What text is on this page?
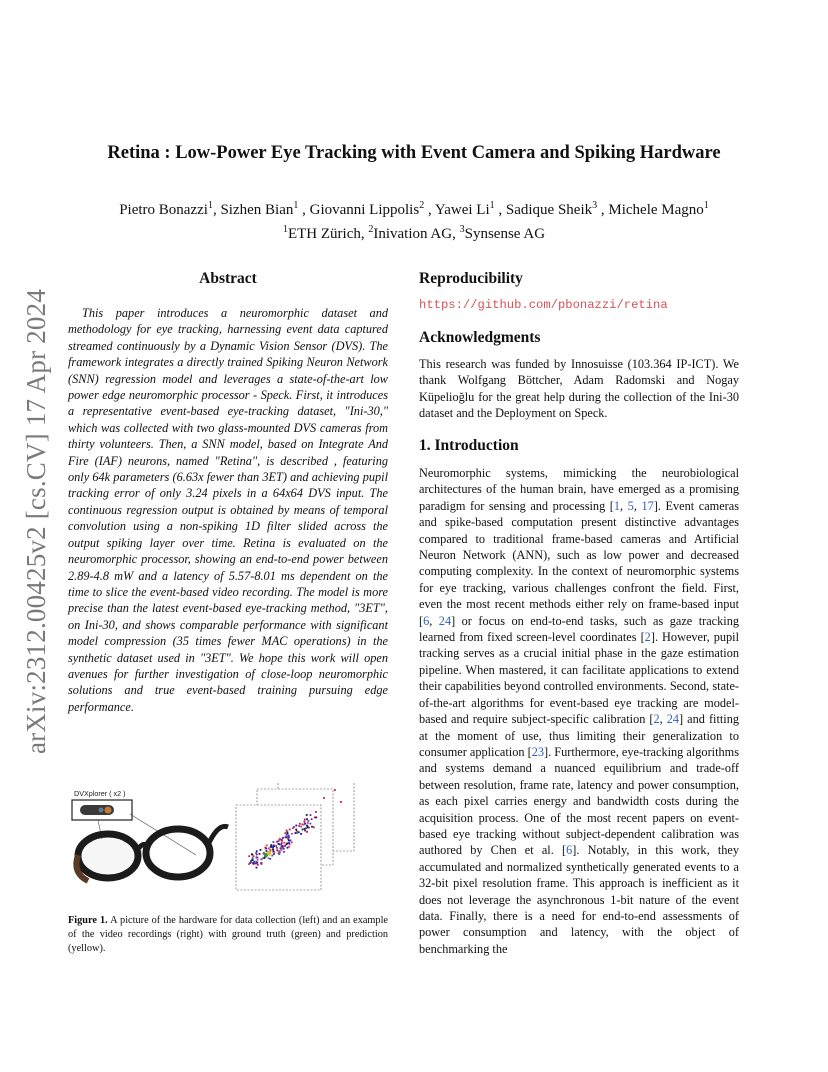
arXiv:2312.00425v2 [cs.CV] 17 Apr 2024
Retina : Low-Power Eye Tracking with Event Camera and Spiking Hardware
Pietro Bonazzi$^1$, Sizhen Bian$^1$ , Giovanni Lippolis$^2$ , Yawei Li$^1$ , Sadique Sheik$^3$ , Michele Magno$^1$
$^1$ETH Zürich, $^2$Inivation AG, $^3$Synsense AG
Abstract

This paper introduces a neuromorphic dataset and methodology for eye tracking, harnessing event data captured streamed continuously by a Dynamic Vision Sensor (DVS). The framework integrates a directly trained Spiking Neuron Network (SNN) regression model and leverages a state-of-the-art low power edge neuromorphic processor - Speck. First, it introduces a representative event-based eye-tracking dataset, "Ini-30," which was collected with two glass-mounted DVS cameras from thirty volunteers. Then, a SNN model, based on Integrate And Fire (IAF) neurons, named "Retina", is described , featuring only 64k parameters (6.63x fewer than 3ET) and achieving pupil tracking error of only 3.24 pixels in a 64x64 DVS input. The continuous regression output is obtained by means of temporal convolution using a non-spiking 1D filter slided across the output spiking layer over time. Retina is evaluated on the neuromorphic processor, showing an end-to-end power between 2.89-4.8 mW and a latency of 5.57-8.01 ms dependent on the time to slice the event-based video recording. The model is more precise than the latest event-based eye-tracking method, "3ET", on Ini-30, and shows comparable performance with significant model compression (35 times fewer MAC operations) in the synthetic dataset used in "3ET". We hope this work will open avenues for further investigation of close-loop neuromorphic solutions and true event-based training pursuing edge performance.

DVXplorer ( x2 )

Figure 1. A picture of the hardware for data collection (left) and an example of the video recordings (right) with ground truth (green) and prediction (yellow).

Reproducibility
https://github.com/pbonazzi/retina
Acknowledgments

This research was funded by Innosuisse (103.364 IP-ICT). We thank Wolfgang Böttcher, Adam Radomski and Nogay Küpelioğlu for the great help during the collection of the Ini-30 dataset and the Deployment on Speck.

1. Introduction

Neuromorphic systems, mimicking the neurobiological architectures of the human brain, have emerged as a promising paradigm for sensing and processing [1, 5, 17]. Event cameras and spike-based computation present distinctive advantages compared to traditional frame-based cameras and Artificial Neuron Network (ANN), such as low power and decreased computing complexity. In the context of neuromorphic systems for eye tracking, various challenges confront the field. First, even the most recent methods either rely on frame-based input [6, 24] or focus on end-to-end tasks, such as gaze tracking learned from fixed screen-level coordinates [2]. However, pupil tracking serves as a crucial initial phase in the gaze estimation pipeline. When mastered, it can facilitate applications to extend their capabilities beyond controlled environments. Second, state-of-the-art algorithms for event-based eye tracking are model-based and require subject-specific calibration [2, 24] and fitting at the moment of use, thus limiting their generalization to consumer application [23]. Furthermore, eye-tracking algorithms and systems demand a nuanced equilibrium and trade-off between resolution, frame rate, latency and power consumption, as each pixel carries energy and bandwidth costs during the acquisition process. One of the most recent papers on event-based eye tracking without subject-dependent calibration was authored by Chen et al. [6]. Notably, in this work, they accumulated and normalized synthetically generated events to a 32-bit pixel resolution frame. This approach is inefficient as it does not leverage the asynchronous 1-bit nature of the event data. Finally, there is a need for end-to-end assessments of power consumption and latency, with the object of benchmarking the
